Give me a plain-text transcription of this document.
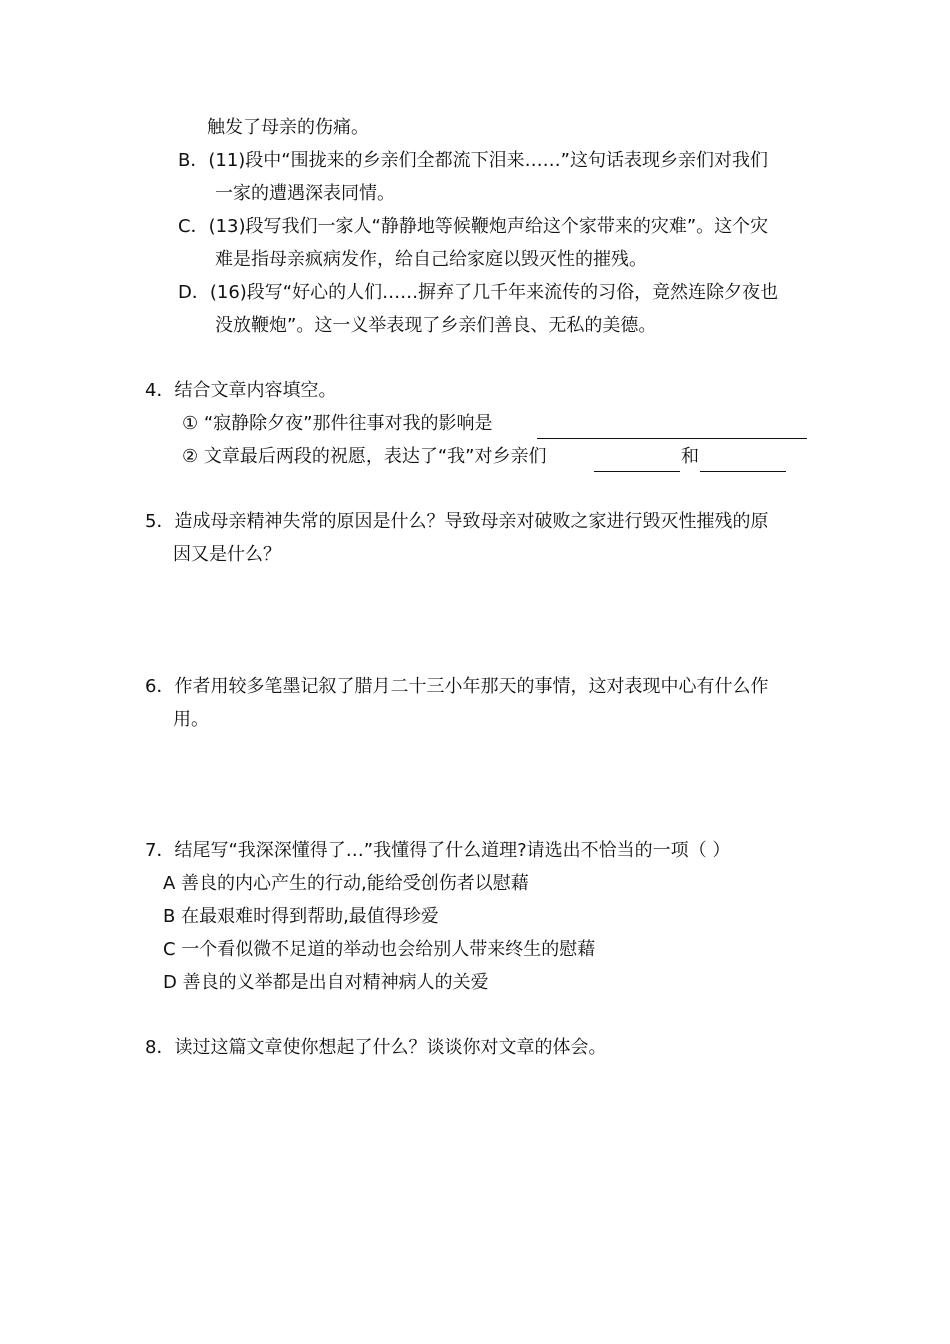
触发了母亲的伤痛。
B．(11)段中“围拢来的乡亲们全都流下泪来……”这句话表现乡亲们对我们
一家的遭遇深表同情。
C．(13)段写我们一家人“静静地等候鞭炮声给这个家带来的灾难”。这个灾
难是指母亲疯病发作，给自己给家庭以毁灭性的摧残。
D．(16)段写“好心的人们……摒弃了几千年来流传的习俗，竟然连除夕夜也
没放鞭炮”。这一义举表现了乡亲们善良、无私的美德。
4．结合文章内容填空。
① “寂静除夕夜”那件往事对我的影响是
② 文章最后两段的祝愿，表达了“我”对乡亲们	和
5．造成母亲精神失常的原因是什么？导致母亲对破败之家进行毁灭性摧残的原
因又是什么？
6．作者用较多笔墨记叙了腊月二十三小年那天的事情，这对表现中心有什么作
用。
7．结尾写“我深深懂得了…”我懂得了什么道理?请选出不恰当的一项（ ）
A 善良的内心产生的行动,能给受创伤者以慰藉
B 在最艰难时得到帮助,最值得珍爱
C 一个看似微不足道的举动也会给别人带来终生的慰藉
D 善良的义举都是出自对精神病人的关爱
8．读过这篇文章使你想起了什么？谈谈你对文章的体会。
